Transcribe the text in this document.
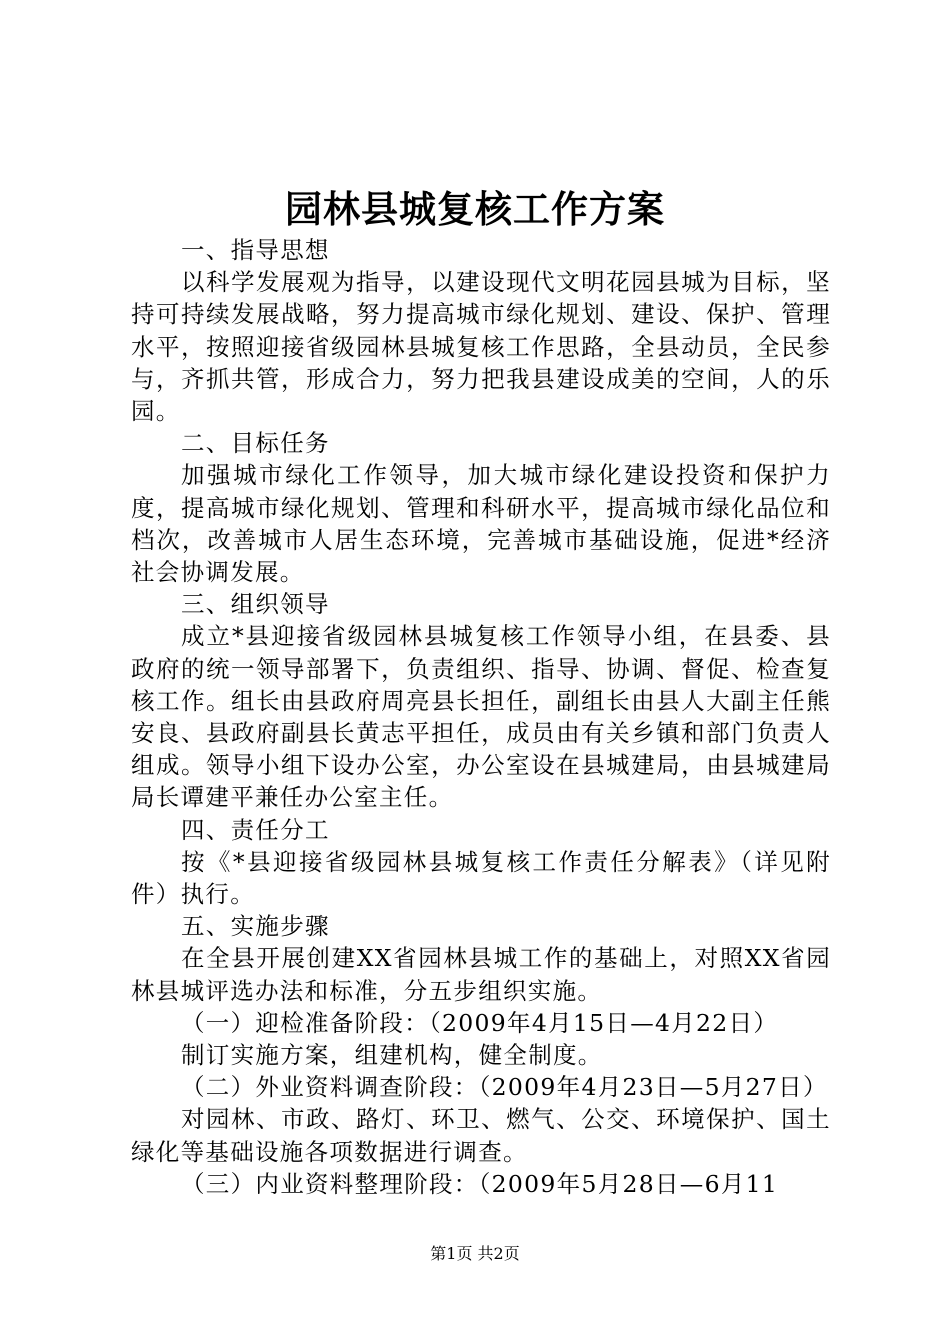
园林县城复核工作方案

一、指导思想

以科学发展观为指导，以建设现代文明花园县城为目标，坚持可持续发展战略，努力提高城市绿化规划、建设、保护、管理水平，按照迎接省级园林县城复核工作思路，全县动员，全民参与，齐抓共管，形成合力，努力把我县建设成美的空间，人的乐园。

二、目标任务

加强城市绿化工作领导，加大城市绿化建设投资和保护力度，提高城市绿化规划、管理和科研水平，提高城市绿化品位和档次，改善城市人居生态环境，完善城市基础设施，促进*经济社会协调发展。

三、组织领导

成立*县迎接省级园林县城复核工作领导小组，在县委、县政府的统一领导部署下，负责组织、指导、协调、督促、检查复核工作。组长由县政府周亮县长担任，副组长由县人大副主任熊安良、县政府副县长黄志平担任，成员由有关乡镇和部门负责人组成。领导小组下设办公室，办公室设在县城建局，由县城建局局长谭建平兼任办公室主任。

四、责任分工

按《*县迎接省级园林县城复核工作责任分解表》（详见附件）执行。

五、实施步骤

在全县开展创建XX省园林县城工作的基础上，对照XX省园林县城评选办法和标准，分五步组织实施。

（一）迎检准备阶段：（2009年4月15日—4月22日）

制订实施方案，组建机构，健全制度。

（二）外业资料调查阶段：（2009年4月23日—5月27日）

对园林、市政、路灯、环卫、燃气、公交、环境保护、国土绿化等基础设施各项数据进行调查。

（三）内业资料整理阶段：（2009年5月28日—6月11

第1页 共2页
